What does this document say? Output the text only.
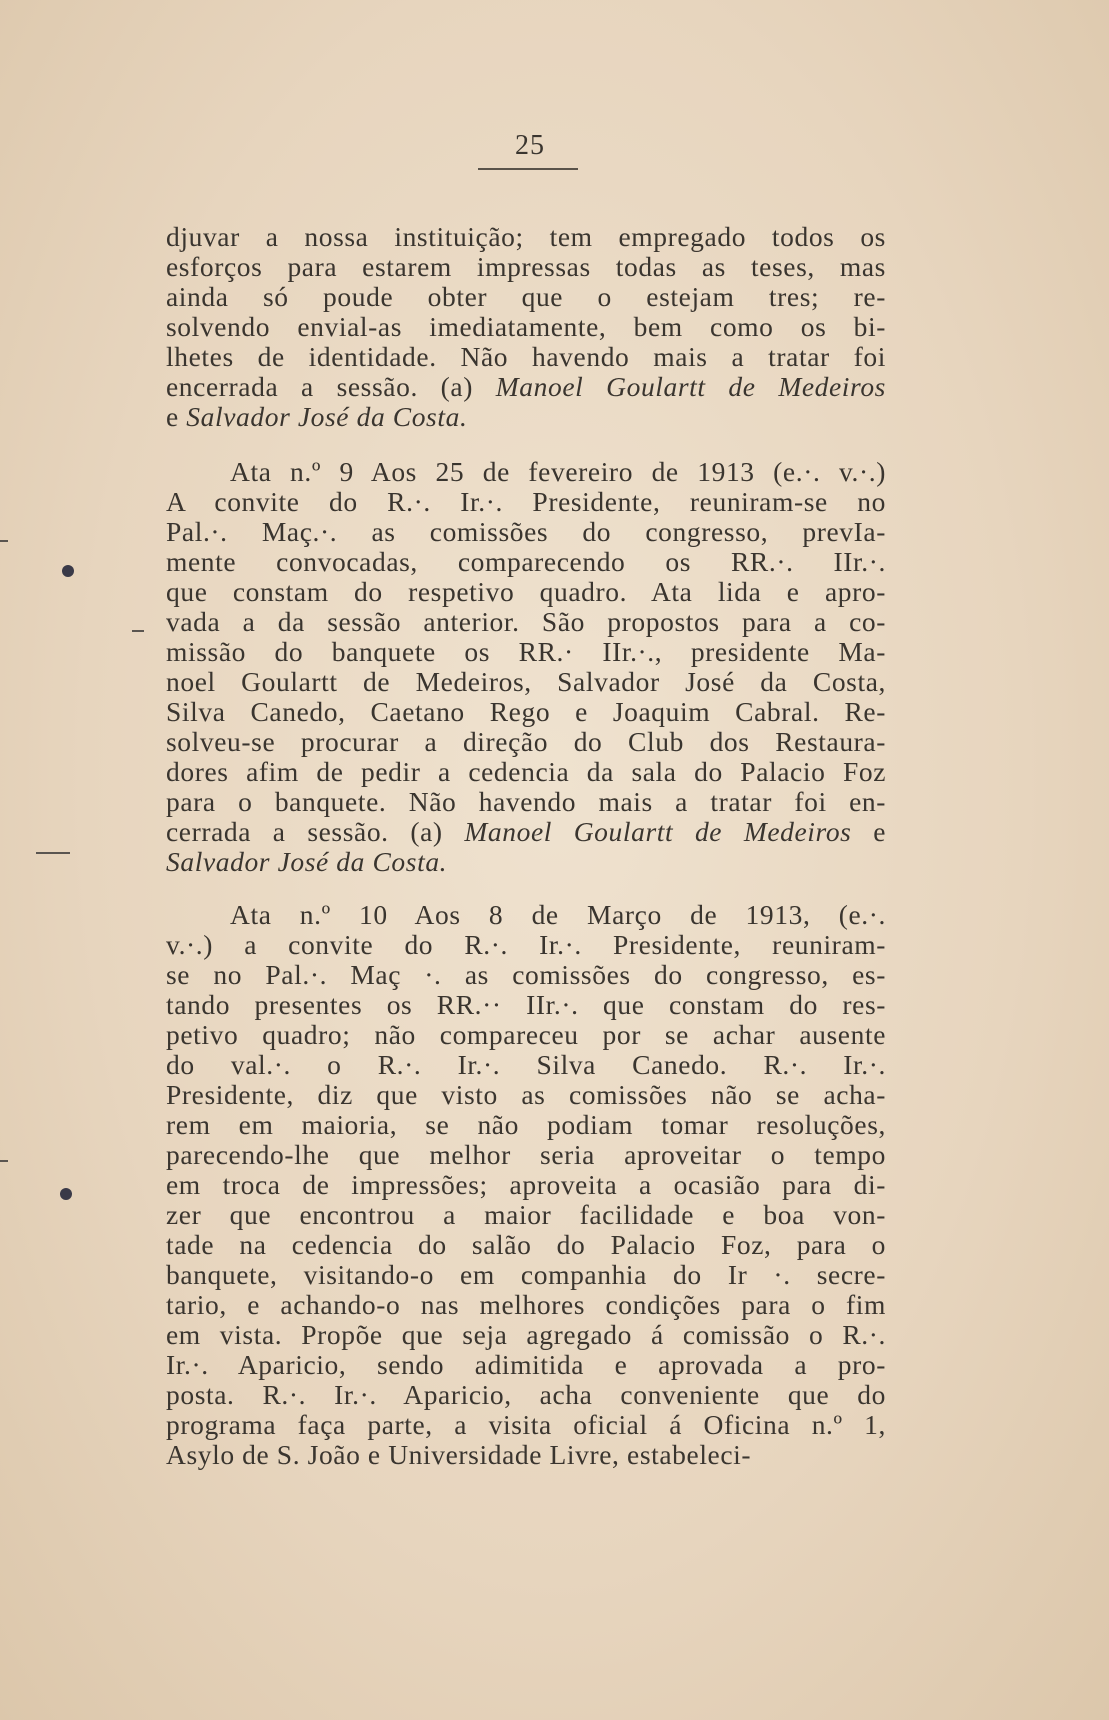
25
djuvar a nossa instituição; tem empregado todos os
esforços para estarem impressas todas as teses, mas
ainda só poude obter que o estejam tres; re-
solvendo envial-as imediatamente, bem como os bi-
lhetes de identidade. Não havendo mais a tratar foi
encerrada a sessão. (a) Manoel Goulartt de Medeiros
e Salvador José da Costa.
Ata n.º 9 Aos 25 de fevereiro de 1913 (e.·. v.·.)
A convite do R.·. Ir.·. Presidente, reuniram-se no
Pal.·. Maç.·. as comissões do congresso, prevIa-
mente convocadas, comparecendo os RR.·. IIr.·.
que constam do respetivo quadro. Ata lida e apro-
vada a da sessão anterior. São propostos para a co-
missão do banquete os RR.· IIr.·., presidente Ma-
noel Goulartt de Medeiros, Salvador José da Costa,
Silva Canedo, Caetano Rego e Joaquim Cabral. Re-
solveu-se procurar a direção do Club dos Restaura-
dores afim de pedir a cedencia da sala do Palacio Foz
para o banquete. Não havendo mais a tratar foi en-
cerrada a sessão. (a) Manoel Goulartt de Medeiros e
Salvador José da Costa.
Ata n.º 10 Aos 8 de Março de 1913, (e.·.
v.·.) a convite do R.·. Ir.·. Presidente, reuniram-
se no Pal.·. Maç ·. as comissões do congresso, es-
tando presentes os RR.·· IIr.·. que constam do res-
petivo quadro; não compareceu por se achar ausente
do val.·. o R.·. Ir.·. Silva Canedo. R.·. Ir.·.
Presidente, diz que visto as comissões não se acha-
rem em maioria, se não podiam tomar resoluções,
parecendo-lhe que melhor seria aproveitar o tempo
em troca de impressões; aproveita a ocasião para di-
zer que encontrou a maior facilidade e boa von-
tade na cedencia do salão do Palacio Foz, para o
banquete, visitando-o em companhia do Ir ·. secre-
tario, e achando-o nas melhores condições para o fim
em vista. Propõe que seja agregado á comissão o R.·.
Ir.·. Aparicio, sendo adimitida e aprovada a pro-
posta. R.·. Ir.·. Aparicio, acha conveniente que do
programa faça parte, a visita oficial á Oficina n.º 1,
Asylo de S. João e Universidade Livre, estabeleci-
